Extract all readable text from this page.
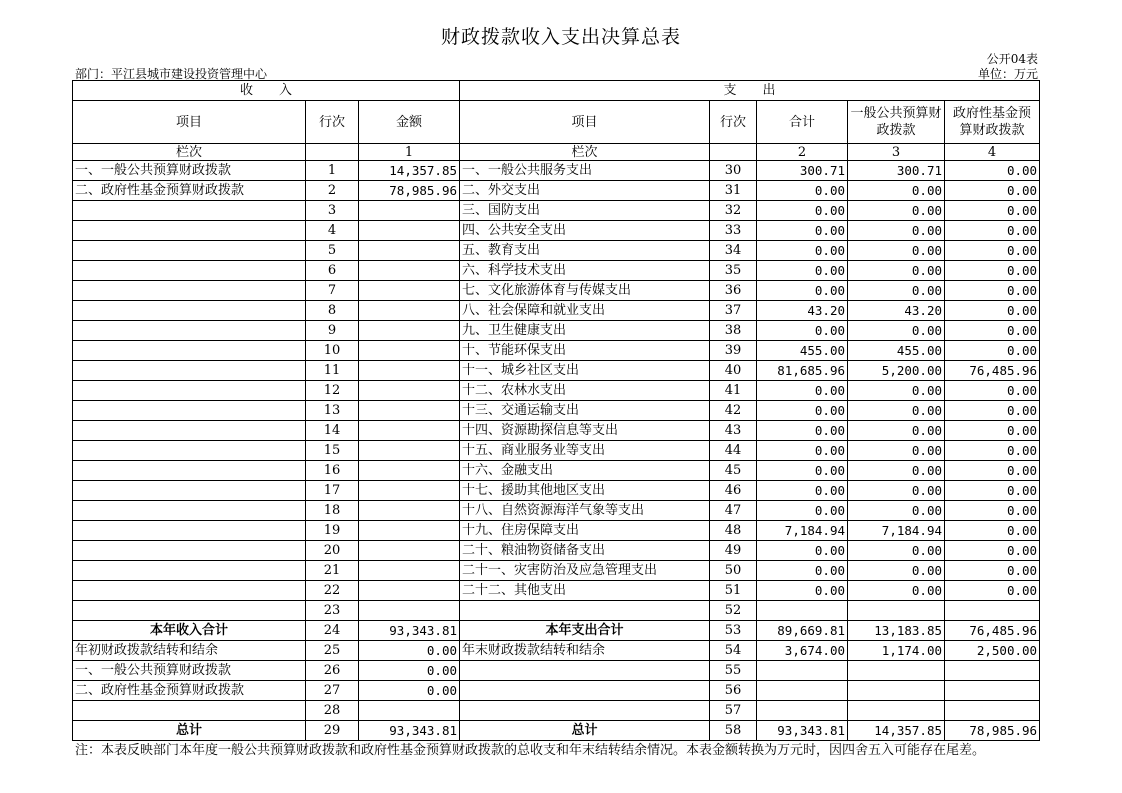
财政拨款收入支出决算总表
公开04表
部门：平江县城市建设投资管理中心	单位：万元
收　　入			支　　出				
项目	行次	金额	项目	行次	合计	一般公共预算财政拨款	政府性基金预算财政拨款
栏次		1	栏次		2	3	4
一、一般公共预算财政拨款	1	14,357.85	一、一般公共服务支出	30	300.71	300.71	0.00
二、政府性基金预算财政拨款	2	78,985.96	二、外交支出	31	0.00	0.00	0.00
	3		三、国防支出	32	0.00	0.00	0.00
	4		四、公共安全支出	33	0.00	0.00	0.00
	5		五、教育支出	34	0.00	0.00	0.00
	6		六、科学技术支出	35	0.00	0.00	0.00
	7		七、文化旅游体育与传媒支出	36	0.00	0.00	0.00
	8		八、社会保障和就业支出	37	43.20	43.20	0.00
	9		九、卫生健康支出	38	0.00	0.00	0.00
	10		十、节能环保支出	39	455.00	455.00	0.00
	11		十一、城乡社区支出	40	81,685.96	5,200.00	76,485.96
	12		十二、农林水支出	41	0.00	0.00	0.00
	13		十三、交通运输支出	42	0.00	0.00	0.00
	14		十四、资源勘探信息等支出	43	0.00	0.00	0.00
	15		十五、商业服务业等支出	44	0.00	0.00	0.00
	16		十六、金融支出	45	0.00	0.00	0.00
	17		十七、援助其他地区支出	46	0.00	0.00	0.00
	18		十八、自然资源海洋气象等支出	47	0.00	0.00	0.00
	19		十九、住房保障支出	48	7,184.94	7,184.94	0.00
	20		二十、粮油物资储备支出	49	0.00	0.00	0.00
	21		二十一、灾害防治及应急管理支出	50	0.00	0.00	0.00
	22		二十二、其他支出	51	0.00	0.00	0.00
	23			52			
本年收入合计	24	93,343.81	本年支出合计	53	89,669.81	13,183.85	76,485.96
年初财政拨款结转和结余	25	0.00	年末财政拨款结转和结余	54	3,674.00	1,174.00	2,500.00
一、一般公共预算财政拨款	26	0.00		55			
二、政府性基金预算财政拨款	27	0.00		56			
	28			57			
总计	29	93,343.81	总计	58	93,343.81	14,357.85	78,985.96
注：本表反映部门本年度一般公共预算财政拨款和政府性基金预算财政拨款的总收支和年末结转结余情况。本表金额转换为万元时，因四舍五入可能存在尾差。
